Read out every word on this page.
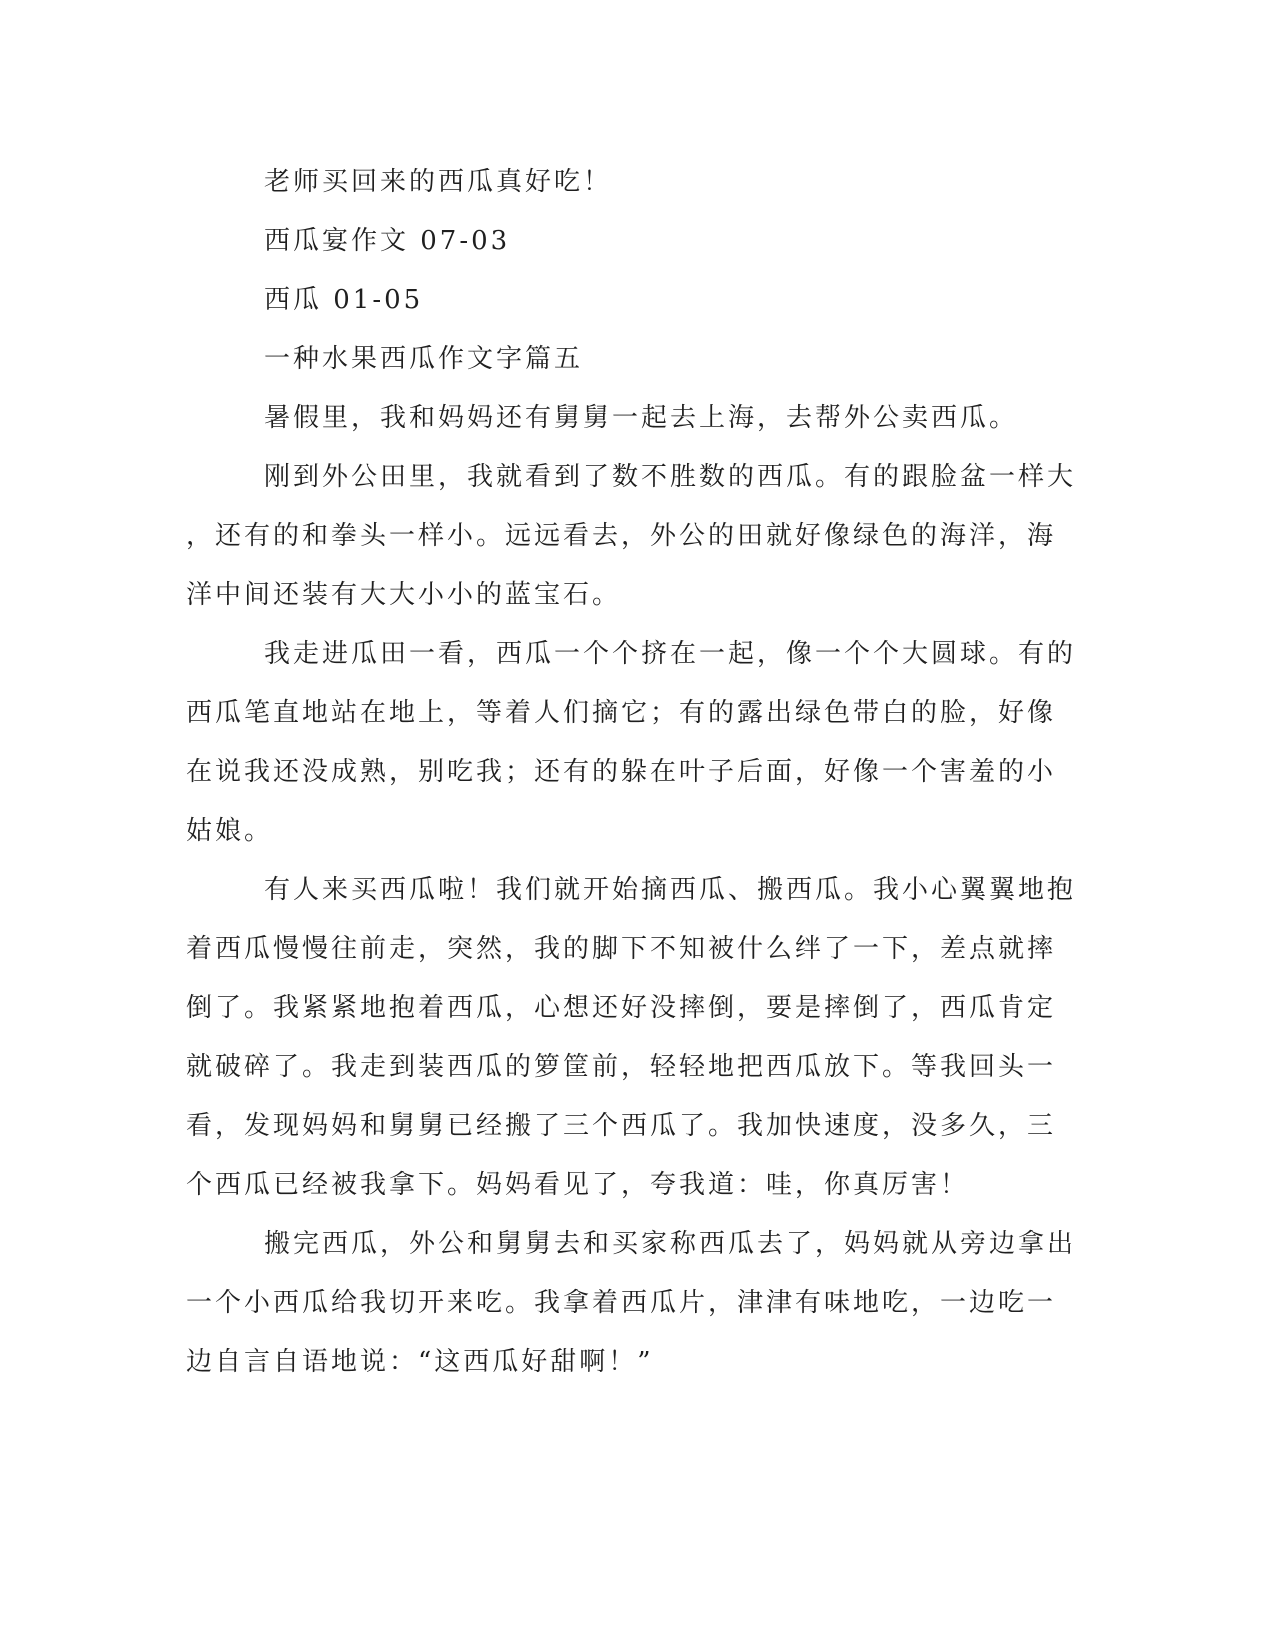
老师买回来的西瓜真好吃！
西瓜宴作文 07-03
西瓜 01-05
一种水果西瓜作文字篇五
暑假里，我和妈妈还有舅舅一起去上海，去帮外公卖西瓜。
刚到外公田里，我就看到了数不胜数的西瓜。有的跟脸盆一样大
，还有的和拳头一样小。远远看去，外公的田就好像绿色的海洋，海
洋中间还装有大大小小的蓝宝石。
我走进瓜田一看，西瓜一个个挤在一起，像一个个大圆球。有的
西瓜笔直地站在地上，等着人们摘它；有的露出绿色带白的脸，好像
在说我还没成熟，别吃我；还有的躲在叶子后面，好像一个害羞的小
姑娘。
有人来买西瓜啦！我们就开始摘西瓜、搬西瓜。我小心翼翼地抱
着西瓜慢慢往前走，突然，我的脚下不知被什么绊了一下，差点就摔
倒了。我紧紧地抱着西瓜，心想还好没摔倒，要是摔倒了，西瓜肯定
就破碎了。我走到装西瓜的箩筐前，轻轻地把西瓜放下。等我回头一
看，发现妈妈和舅舅已经搬了三个西瓜了。我加快速度，没多久，三
个西瓜已经被我拿下。妈妈看见了，夸我道：哇，你真厉害！
搬完西瓜，外公和舅舅去和买家称西瓜去了，妈妈就从旁边拿出
一个小西瓜给我切开来吃。我拿着西瓜片，津津有味地吃，一边吃一
边自言自语地说：“这西瓜好甜啊！”
